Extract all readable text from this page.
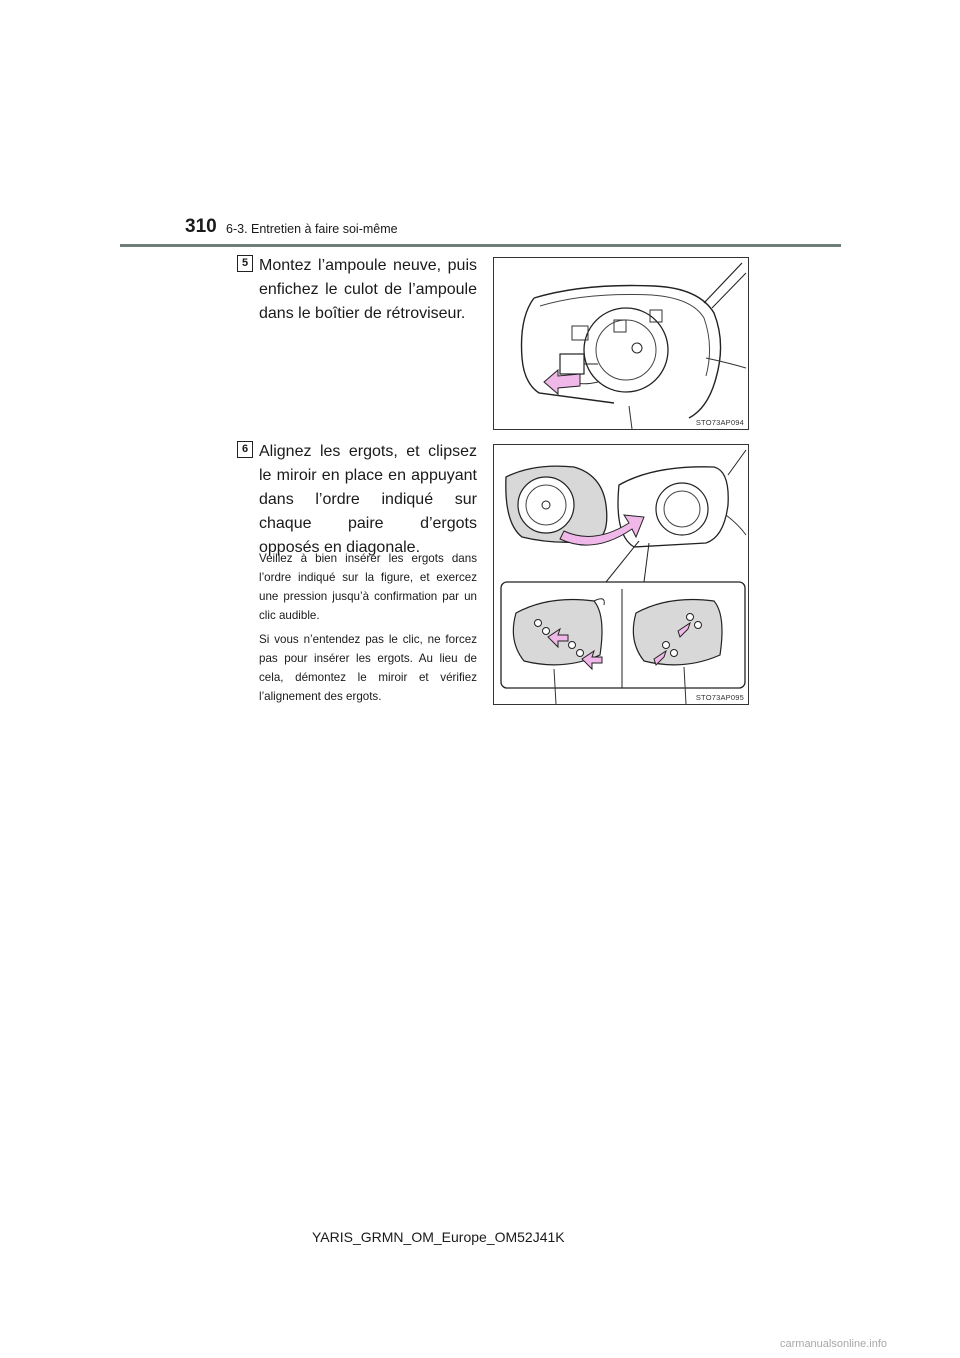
310 6-3. Entretien à faire soi-même
5 Montez l’ampoule neuve, puis enfichez le culot de l’ampoule dans le boîtier de rétroviseur.
STO73AP094
6 Alignez les ergots, et clipsez le miroir en place en appuyant dans l’ordre indiqué sur chaque paire d’ergots opposés en diagonale.
Veillez à bien insérer les ergots dans l’ordre indiqué sur la figure, et exercez une pression jusqu’à confirmation par un clic audible.
Si vous n’entendez pas le clic, ne forcez pas pour insérer les ergots. Au lieu de cela, démontez le miroir et vérifiez l’alignement des ergots.	STO73AP095
YARIS_GRMN_OM_Europe_OM52J41K
carmanualsonline.info
